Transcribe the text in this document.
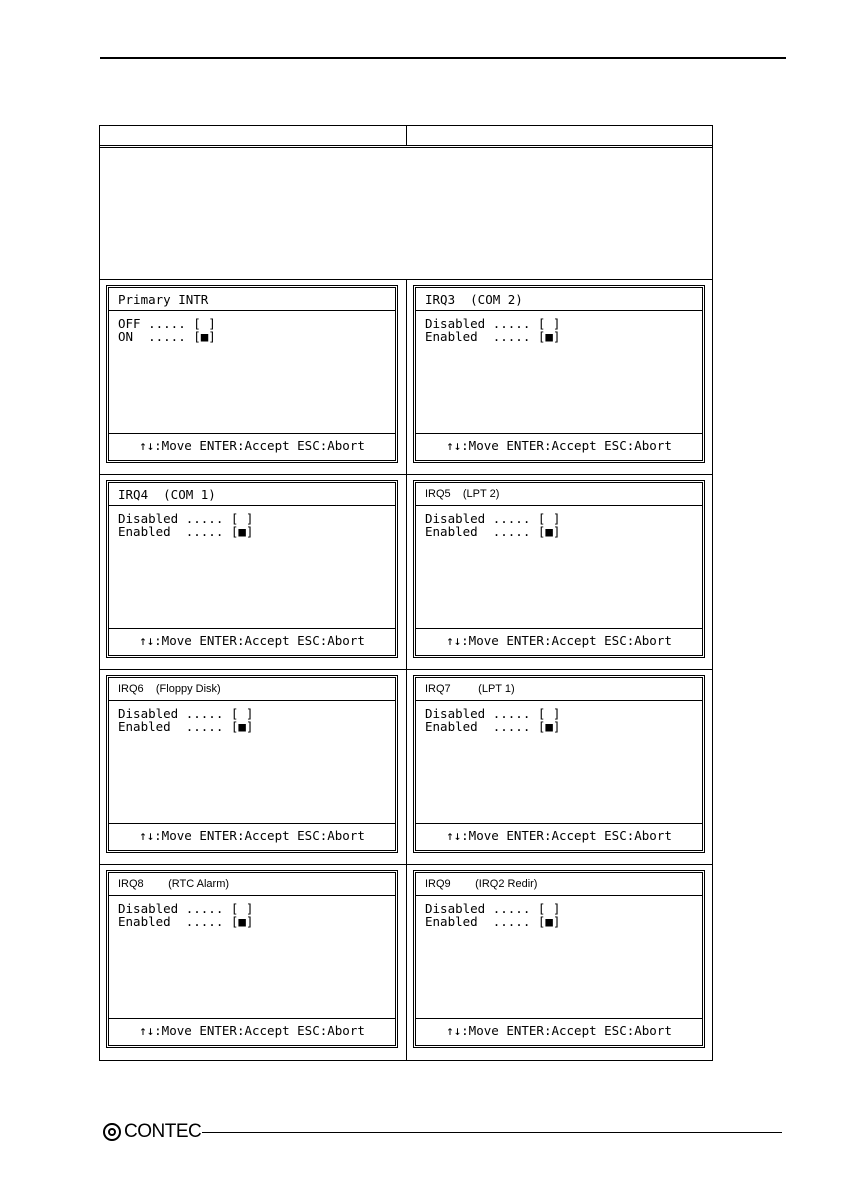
Primary INTR
OFF ..... [ ]
ON  ..... [■]
↑↓:Move ENTER:Accept ESC:Abort
IRQ3  (COM 2)
Disabled ..... [ ]
Enabled  ..... [■]
↑↓:Move ENTER:Accept ESC:Abort
IRQ4  (COM 1)
Disabled ..... [ ]
Enabled  ..... [■]
↑↓:Move ENTER:Accept ESC:Abort
IRQ5    (LPT 2)
Disabled ..... [ ]
Enabled  ..... [■]
↑↓:Move ENTER:Accept ESC:Abort
IRQ6    (Floppy Disk)
Disabled ..... [ ]
Enabled  ..... [■]
↑↓:Move ENTER:Accept ESC:Abort
IRQ7         (LPT 1)
Disabled ..... [ ]
Enabled  ..... [■]
↑↓:Move ENTER:Accept ESC:Abort
IRQ8        (RTC Alarm)
Disabled ..... [ ]
Enabled  ..... [■]
↑↓:Move ENTER:Accept ESC:Abort
IRQ9        (IRQ2 Redir)
Disabled ..... [ ]
Enabled  ..... [■]
↑↓:Move ENTER:Accept ESC:Abort
CONTEC
